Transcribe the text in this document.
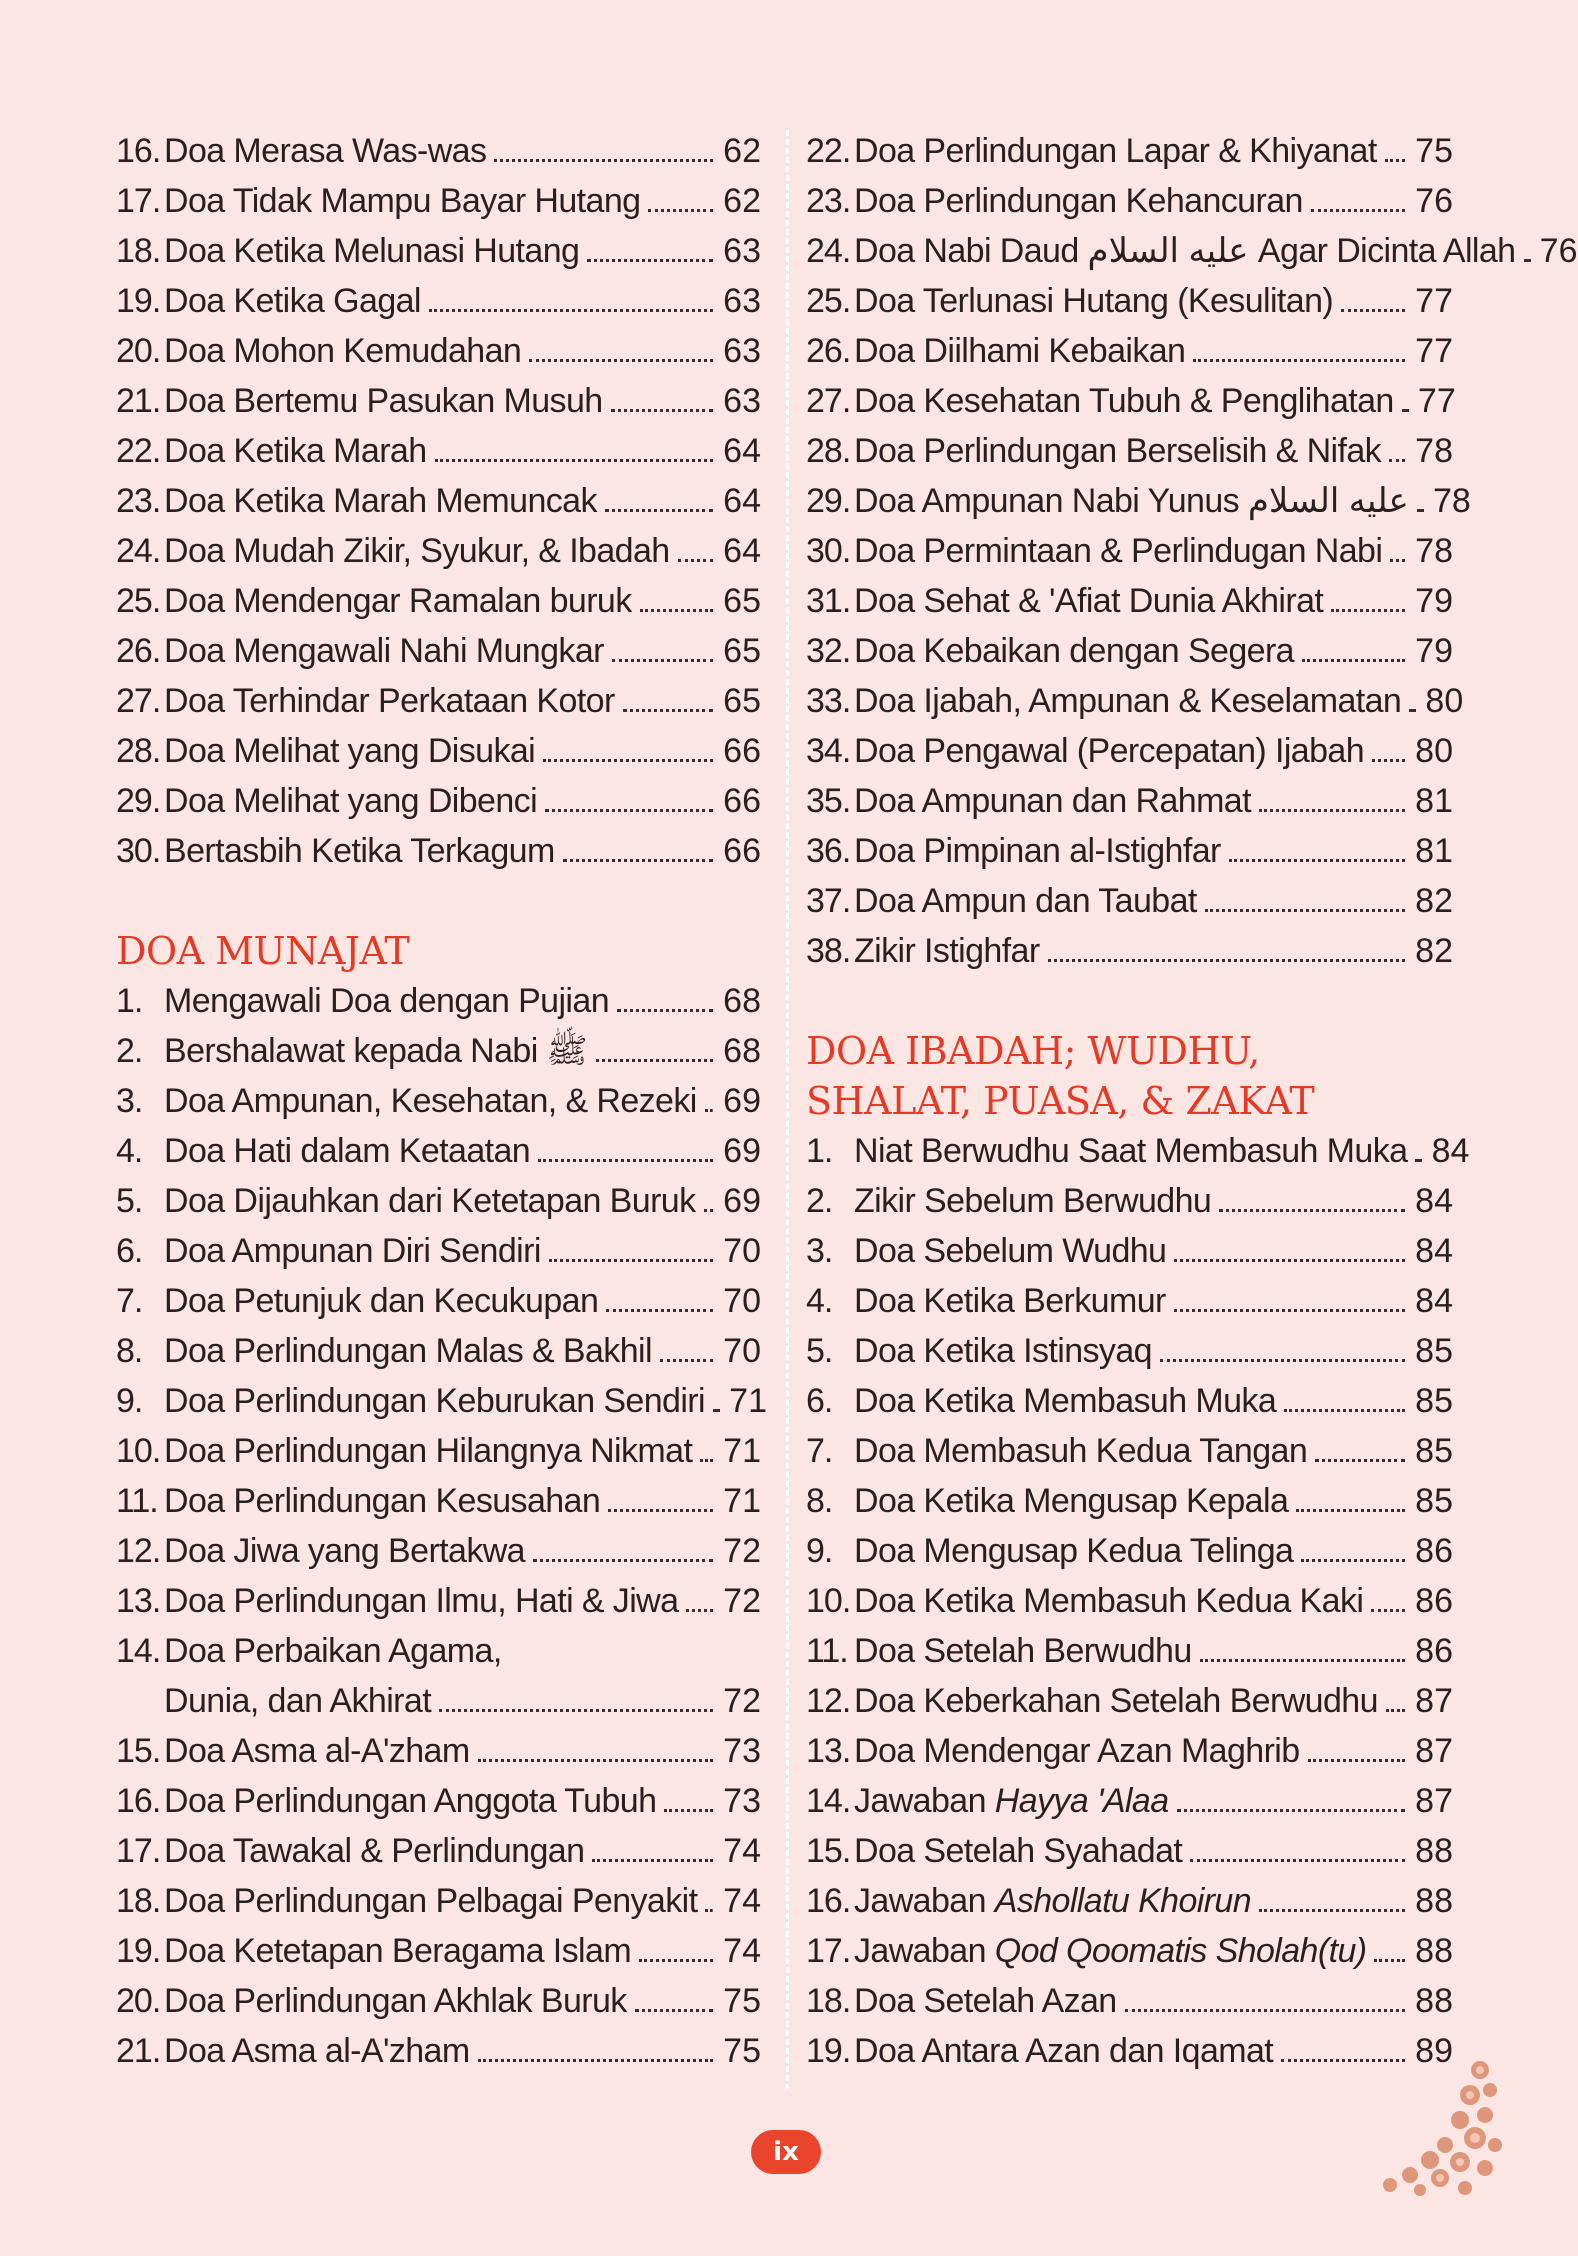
16. Doa Merasa Was-was	62
17. Doa Tidak Mampu Bayar Hutang 62
18. Doa Ketika Melunasi Hutang	63
19. Doa Ketika Gagal	63
20. Doa Mohon Kemudahan	63
21. Doa Bertemu Pasukan Musuh	63
22. Doa Ketika Marah	64
23. Doa Ketika Marah Memuncak	64
24. Doa Mudah Zikir, Syukur, & Ibadah 64
25. Doa Mendengar Ramalan buruk	65
26. Doa Mengawali Nahi Mungkar	65
27. Doa Terhindar Perkataan Kotor	65
28. Doa Melihat yang Disukai	66
29. Doa Melihat yang Dibenci	66
30. Bertasbih Ketika Terkagum	66
DOA MUNAJAT
1. Mengawali Doa dengan Pujian	68
2. Bershalawat kepada Nabi ﷺ	68
3. Doa Ampunan, Kesehatan, & Rezeki 69
4. Doa Hati dalam Ketaatan	69
5. Doa Dijauhkan dari Ketetapan Buruk 69
6. Doa Ampunan Diri Sendiri	70
7. Doa Petunjuk dan Kecukupan	70
8. Doa Perlindungan Malas & Bakhil 70
9. Doa Perlindungan Keburukan Sendiri 71
10. Doa Perlindungan Hilangnya Nikmat 71
11. Doa Perlindungan Kesusahan	71
12. Doa Jiwa yang Bertakwa	72
13. Doa Perlindungan Ilmu, Hati & Jiwa 72
14. Doa Perbaikan Agama,
Dunia, dan Akhirat	72
15. Doa Asma al-A'zham	73
16. Doa Perlindungan Anggota Tubuh 73
17. Doa Tawakal & Perlindungan	74
18. Doa Perlindungan Pelbagai Penyakit 74
19. Doa Ketetapan Beragama Islam	74
20. Doa Perlindungan Akhlak Buruk	75
21. Doa Asma al-A'zham	75
22. Doa Perlindungan Lapar & Khiyanat 75
23. Doa Perlindungan Kehancuran	76
24. Doa Nabi Daud عليه السلام Agar Dicinta Allah 76
25. Doa Terlunasi Hutang (Kesulitan) 77
26. Doa Diilhami Kebaikan	77
27. Doa Kesehatan Tubuh & Penglihatan 77
28. Doa Perlindungan Berselisih & Nifak 78
29. Doa Ampunan Nabi Yunus عليه السلام 78
30. Doa Permintaan & Perlindugan Nabi 78
31. Doa Sehat & 'Afiat Dunia Akhirat	79
32. Doa Kebaikan dengan Segera	79
33. Doa Ijabah, Ampunan & Keselamatan 80
34. Doa Pengawal (Percepatan) Ijabah 80
35. Doa Ampunan dan Rahmat	81
36. Doa Pimpinan al-Istighfar	81
37. Doa Ampun dan Taubat	82
38. Zikir Istighfar	82
DOA IBADAH; WUDHU,
SHALAT, PUASA, & ZAKAT
1. Niat Berwudhu Saat Membasuh Muka 84
2. Zikir Sebelum Berwudhu	84
3. Doa Sebelum Wudhu	84
4. Doa Ketika Berkumur	84
5. Doa Ketika Istinsyaq	85
6. Doa Ketika Membasuh Muka	85
7. Doa Membasuh Kedua Tangan	85
8. Doa Ketika Mengusap Kepala	85
9. Doa Mengusap Kedua Telinga	86
10. Doa Ketika Membasuh Kedua Kaki 86
11. Doa Setelah Berwudhu	86
12. Doa Keberkahan Setelah Berwudhu 87
13. Doa Mendengar Azan Maghrib	87
14. Jawaban Hayya 'Alaa	87
15. Doa Setelah Syahadat	88
16. Jawaban Ashollatu Khoirun	88
17. Jawaban Qod Qoomatis Sholah(tu) 88
18. Doa Setelah Azan	88
19. Doa Antara Azan dan Iqamat	89
ix
